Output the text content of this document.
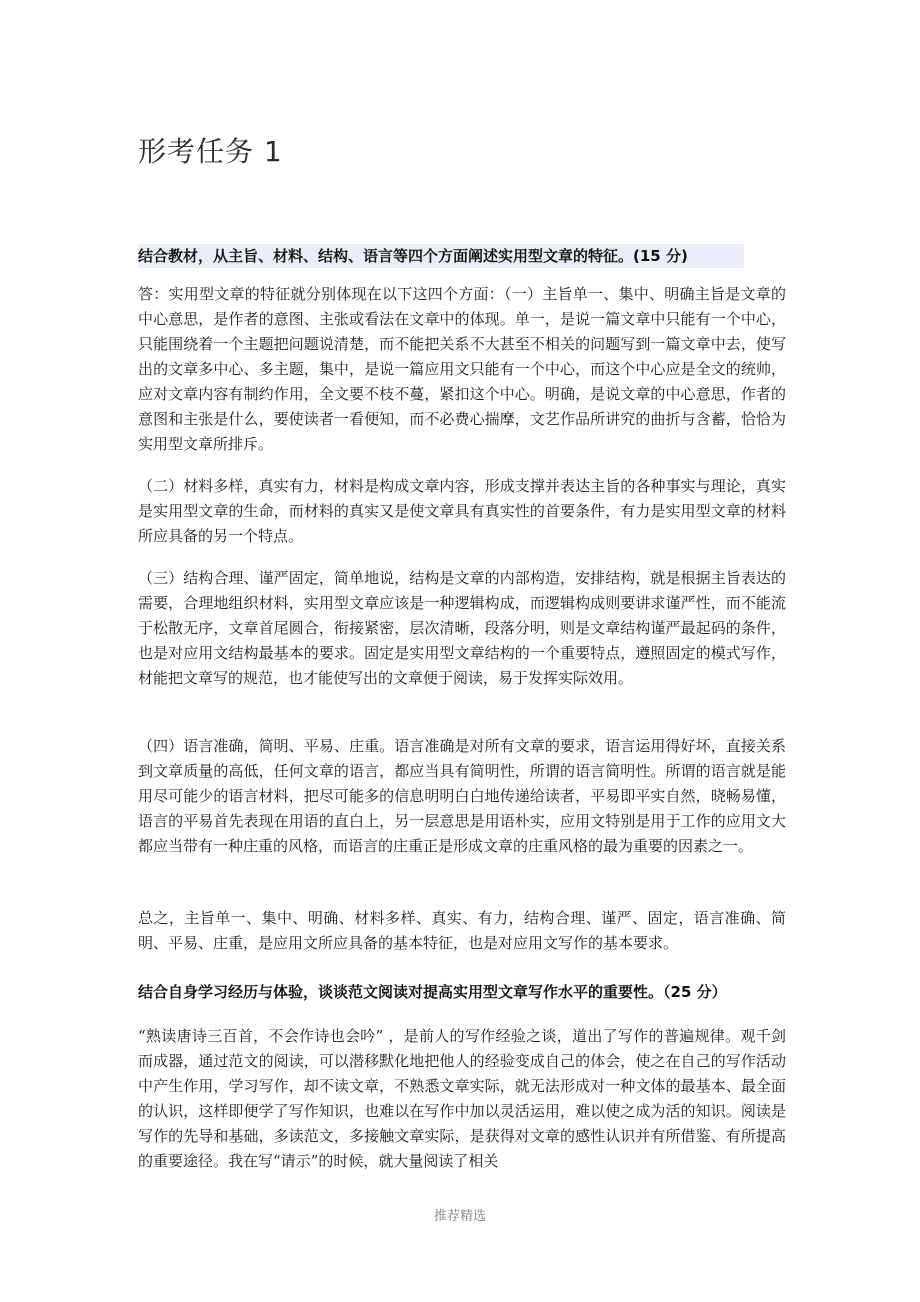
形考任务 1
结合教材，从主旨、材料、结构、语言等四个方面阐述实用型文章的特征。(15 分)

答：实用型文章的特征就分别体现在以下这四个方面：（一）主旨单一、集中、明确主旨是文章的中心意思，是作者的意图、主张或看法在文章中的体现。单一，是说一篇文章中只能有一个中心，只能围绕着一个主题把问题说清楚，而不能把关系不大甚至不相关的问题写到一篇文章中去，使写出的文章多中心、多主题，集中，是说一篇应用文只能有一个中心，而这个中心应是全文的统帅，应对文章内容有制约作用，全文要不枝不蔓，紧扣这个中心。明确，是说文章的中心意思，作者的意图和主张是什么，要使读者一看便知，而不必费心揣摩，文艺作品所讲究的曲折与含蓄，恰恰为实用型文章所排斥。

（二）材料多样，真实有力，材料是构成文章内容，形成支撑并表达主旨的各种事实与理论，真实是实用型文章的生命，而材料的真实又是使文章具有真实性的首要条件，有力是实用型文章的材料所应具备的另一个特点。

（三）结构合理、谨严固定，简单地说，结构是文章的内部构造，安排结构，就是根据主旨表达的需要，合理地组织材料，实用型文章应该是一种逻辑构成，而逻辑构成则要讲求谨严性，而不能流于松散无序，文章首尾圆合，衔接紧密，层次清晰，段落分明，则是文章结构谨严最起码的条件，也是对应用文结构最基本的要求。固定是实用型文章结构的一个重要特点，遵照固定的模式写作，材能把文章写的规范，也才能使写出的文章便于阅读，易于发挥实际效用。

（四）语言准确，简明、平易、庄重。语言准确是对所有文章的要求，语言运用得好坏，直接关系到文章质量的高低，任何文章的语言，都应当具有简明性，所谓的语言简明性。所谓的语言就是能用尽可能少的语言材料，把尽可能多的信息明明白白地传递给读者，平易即平实自然，晓畅易懂，语言的平易首先表现在用语的直白上，另一层意思是用语朴实，应用文特别是用于工作的应用文大都应当带有一种庄重的风格，而语言的庄重正是形成文章的庄重风格的最为重要的因素之一。

总之，主旨单一、集中、明确、材料多样、真实、有力，结构合理、谨严、固定，语言准确、简明、平易、庄重，是应用文所应具备的基本特征，也是对应用文写作的基本要求。

结合自身学习经历与体验，谈谈范文阅读对提高实用型文章写作水平的重要性。（25 分）

“熟读唐诗三百首，不会作诗也会吟” ，是前人的写作经验之谈，道出了写作的普遍规律。观千剑而成器，通过范文的阅读，可以潜移默化地把他人的经验变成自己的体会，使之在自己的写作活动中产生作用，学习写作，却不读文章，不熟悉文章实际，就无法形成对一种文体的最基本、最全面的认识，这样即便学了写作知识，也难以在写作中加以灵活运用，难以使之成为活的知识。阅读是写作的先导和基础，多读范文，多接触文章实际，是获得对文章的感性认识并有所借鉴、有所提高的重要途径。我在写“请示”的时候，就大量阅读了相关

推荐精选
